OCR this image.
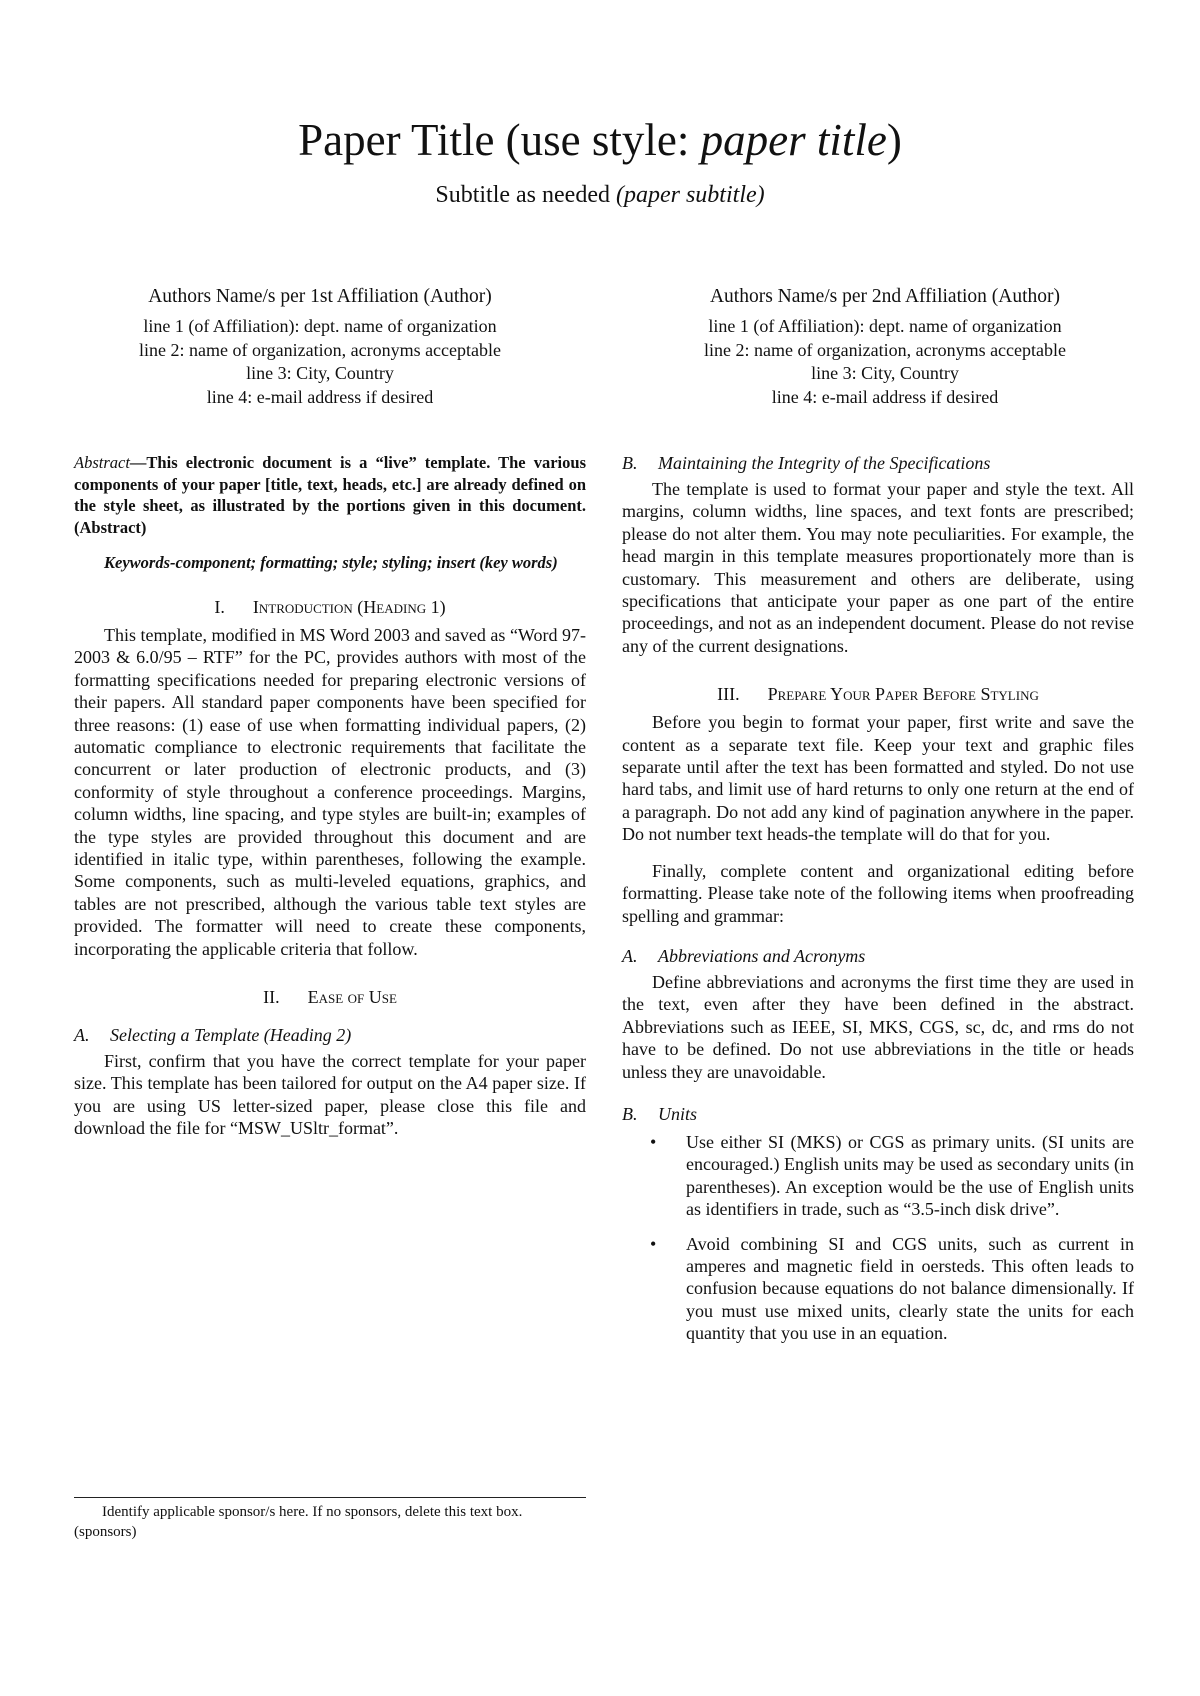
Paper Title (use style: paper title)
Subtitle as needed (paper subtitle)
Authors Name/s per 1st Affiliation (Author)
line 1 (of Affiliation): dept. name of organization
line 2: name of organization, acronyms acceptable
line 3: City, Country
line 4: e-mail address if desired
Authors Name/s per 2nd Affiliation (Author)
line 1 (of Affiliation): dept. name of organization
line 2: name of organization, acronyms acceptable
line 3: City, Country
line 4: e-mail address if desired

Abstract—This electronic document is a “live” template. The various components of your paper [title, text, heads, etc.] are already defined on the style sheet, as illustrated by the portions given in this document. (Abstract)

Keywords-component; formatting; style; styling; insert (key words)

I. Introduction (Heading 1)

This template, modified in MS Word 2003 and saved as “Word 97-2003 & 6.0/95 – RTF” for the PC, provides authors with most of the formatting specifications needed for preparing electronic versions of their papers. All standard paper components have been specified for three reasons: (1) ease of use when formatting individual papers, (2) automatic compliance to electronic requirements that facilitate the concurrent or later production of electronic products, and (3) conformity of style throughout a conference proceedings. Margins, column widths, line spacing, and type styles are built-in; examples of the type styles are provided throughout this document and are identified in italic type, within parentheses, following the example. Some components, such as multi-leveled equations, graphics, and tables are not prescribed, although the various table text styles are provided. The formatter will need to create these components, incorporating the applicable criteria that follow.

II. Ease of Use
A. Selecting a Template (Heading 2)

First, confirm that you have the correct template for your paper size. This template has been tailored for output on the A4 paper size. If you are using US letter-sized paper, please close this file and download the file for “MSW_USltr_format”.

B. Maintaining the Integrity of the Specifications

The template is used to format your paper and style the text. All margins, column widths, line spaces, and text fonts are prescribed; please do not alter them. You may note peculiarities. For example, the head margin in this template measures proportionately more than is customary. This measurement and others are deliberate, using specifications that anticipate your paper as one part of the entire proceedings, and not as an independent document. Please do not revise any of the current designations.

III. Prepare Your Paper Before Styling

Before you begin to format your paper, first write and save the content as a separate text file. Keep your text and graphic files separate until after the text has been formatted and styled. Do not use hard tabs, and limit use of hard returns to only one return at the end of a paragraph. Do not add any kind of pagination anywhere in the paper. Do not number text heads-the template will do that for you.

Finally, complete content and organizational editing before formatting. Please take note of the following items when proofreading spelling and grammar:

A. Abbreviations and Acronyms

Define abbreviations and acronyms the first time they are used in the text, even after they have been defined in the abstract. Abbreviations such as IEEE, SI, MKS, CGS, sc, dc, and rms do not have to be defined. Do not use abbreviations in the title or heads unless they are unavoidable.

B. Units
• Use either SI (MKS) or CGS as primary units. (SI units are encouraged.) English units may be used as secondary units (in parentheses). An exception would be the use of English units as identifiers in trade, such as “3.5-inch disk drive”.
• Avoid combining SI and CGS units, such as current in amperes and magnetic field in oersteds. This often leads to confusion because equations do not balance dimensionally. If you must use mixed units, clearly state the units for each quantity that you use in an equation.
Identify applicable sponsor/s here. If no sponsors, delete this text box.
(sponsors)
